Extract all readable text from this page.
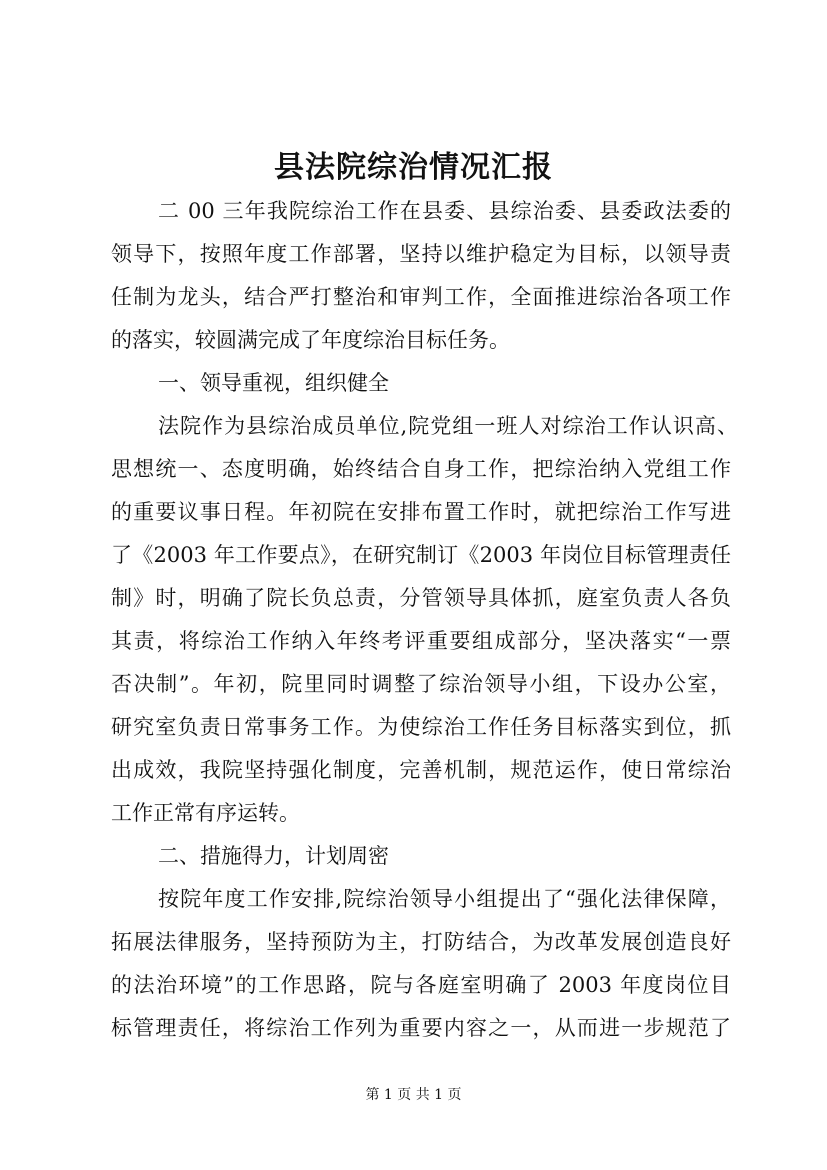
县法院综治情况汇报
二 00 三年我院综治工作在县委、县综治委、县委政法委的
领导下，按照年度工作部署，坚持以维护稳定为目标，以领导责
任制为龙头，结合严打整治和审判工作，全面推进综治各项工作
的落实，较圆满完成了年度综治目标任务。
一、领导重视，组织健全
法院作为县综治成员单位,院党组一班人对综治工作认识高、
思想统一、态度明确，始终结合自身工作，把综治纳入党组工作
的重要议事日程。年初院在安排布置工作时，就把综治工作写进
了《2003 年工作要点》，在研究制订《2003 年岗位目标管理责任
制》时，明确了院长负总责，分管领导具体抓，庭室负责人各负
其责，将综治工作纳入年终考评重要组成部分，坚决落实“一票
否决制”。年初，院里同时调整了综治领导小组，下设办公室，
研究室负责日常事务工作。为使综治工作任务目标落实到位，抓
出成效，我院坚持强化制度，完善机制，规范运作，使日常综治
工作正常有序运转。
二、措施得力，计划周密
按院年度工作安排,院综治领导小组提出了“强化法律保障，
拓展法律服务，坚持预防为主，打防结合，为改革发展创造良好
的法治环境”的工作思路，院与各庭室明确了 2003 年度岗位目
标管理责任，将综治工作列为重要内容之一，从而进一步规范了
第 1 页 共 1 页
